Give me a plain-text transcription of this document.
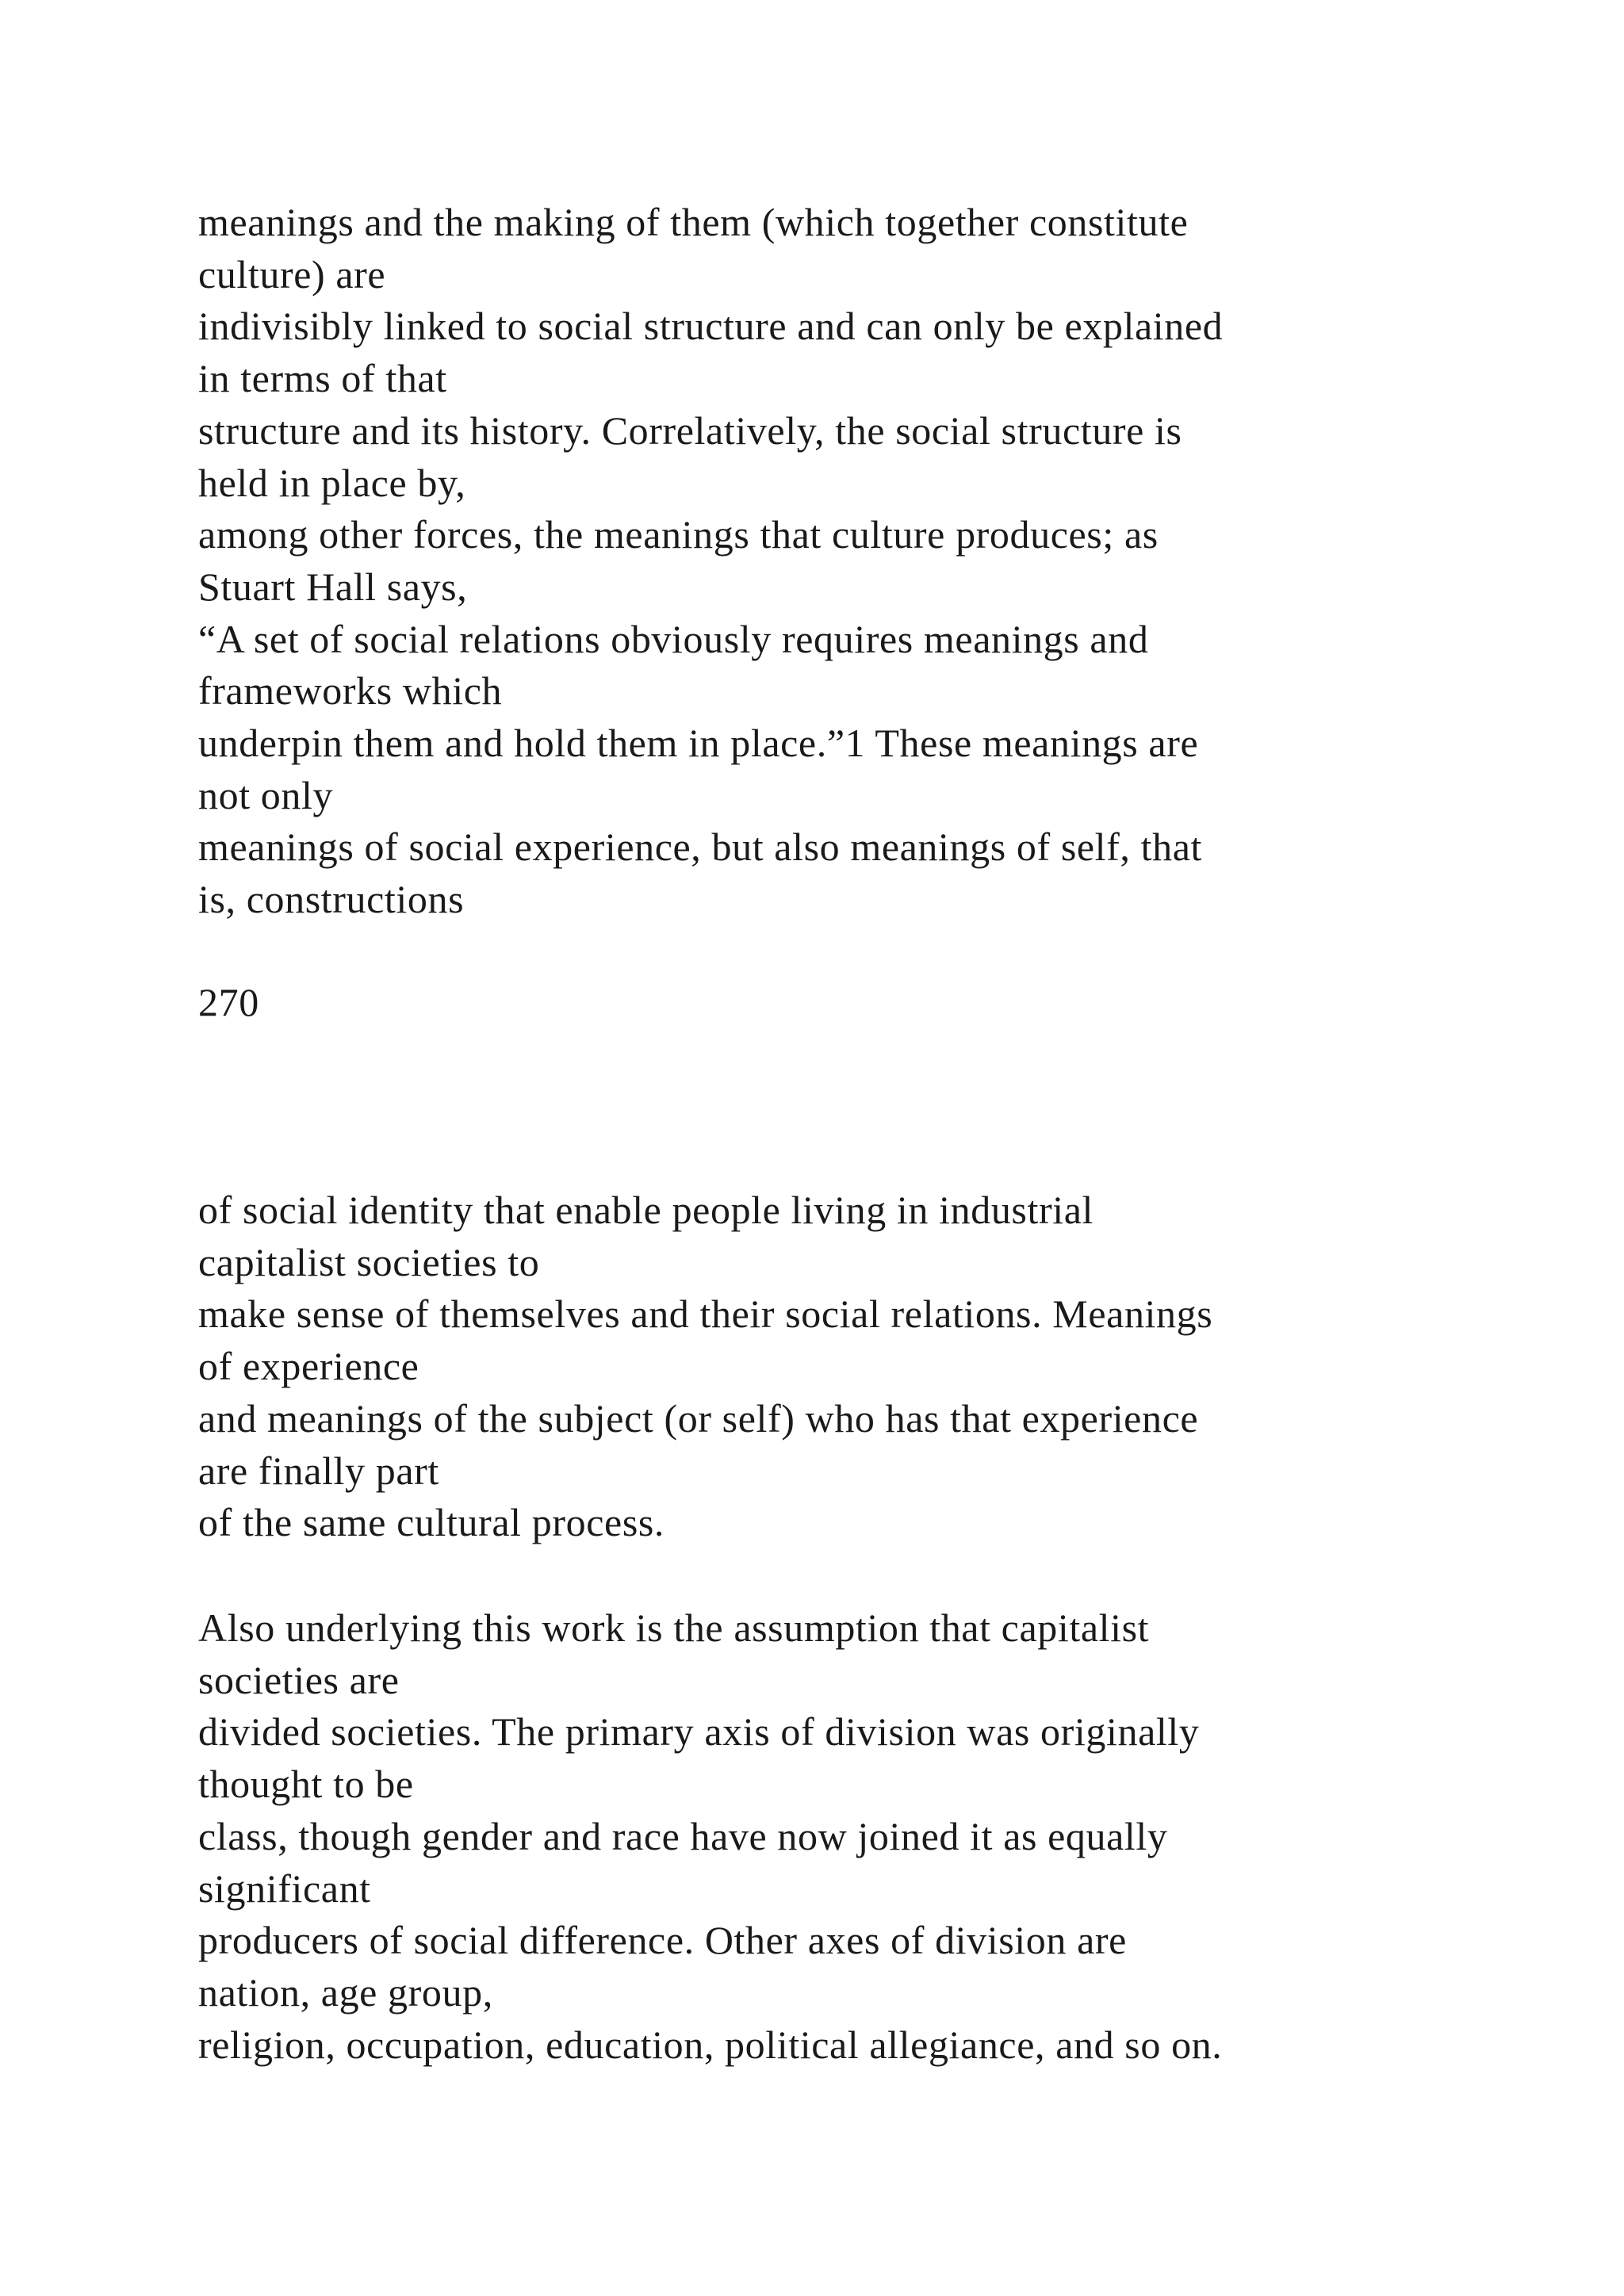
meanings and the making of them (which together constitute
culture) are
indivisibly linked to social structure and can only be explained
in terms of that
structure and its history. Correlatively, the social structure is
held in place by,
among other forces, the meanings that culture produces; as
Stuart Hall says,
“A set of social relations obviously requires meanings and
frameworks which
underpin them and hold them in place.”1 These meanings are
not only
meanings of social experience, but also meanings of self, that
is, constructions

270

of social identity that enable people living in industrial
capitalist societies to
make sense of themselves and their social relations. Meanings
of experience
and meanings of the subject (or self) who has that experience
are finally part
of the same cultural process.

Also underlying this work is the assumption that capitalist
societies are
divided societies. The primary axis of division was originally
thought to be
class, though gender and race have now joined it as equally
significant
producers of social difference. Other axes of division are
nation, age group,
religion, occupation, education, political allegiance, and so on.
